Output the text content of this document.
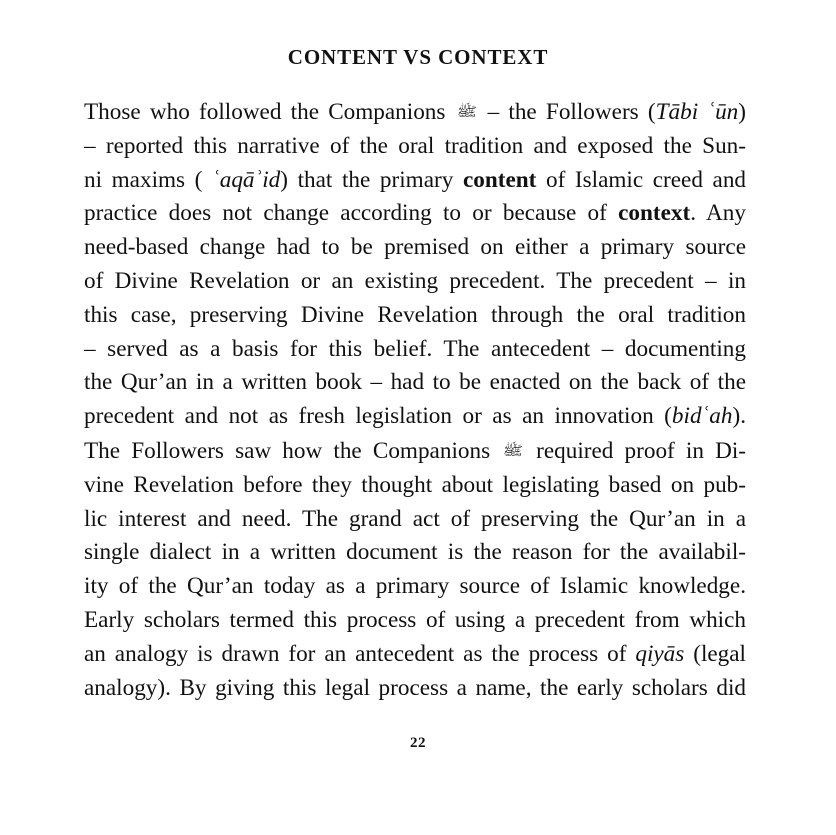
CONTENT VS CONTEXT
Those who followed the Companions ﷺ – the Followers (Tābi ʿūn)
– reported this narrative of the oral tradition and exposed the Sun-
ni maxims ( ʿaqāʾid) that the primary content of Islamic creed and
practice does not change according to or because of context. Any
need-based change had to be premised on either a primary source
of Divine Revelation or an existing precedent. The precedent – in
this case, preserving Divine Revelation through the oral tradition
– served as a basis for this belief. The antecedent – documenting
the Qur’an in a written book – had to be enacted on the back of the
precedent and not as fresh legislation or as an innovation (bidʿah).
The Followers saw how the Companions ﷺ required proof in Di-
vine Revelation before they thought about legislating based on pub-
lic interest and need. The grand act of preserving the Qur’an in a
single dialect in a written document is the reason for the availabil-
ity of the Qur’an today as a primary source of Islamic knowledge.
Early scholars termed this process of using a precedent from which
an analogy is drawn for an antecedent as the process of qiyās (legal
analogy). By giving this legal process a name, the early scholars did
22
